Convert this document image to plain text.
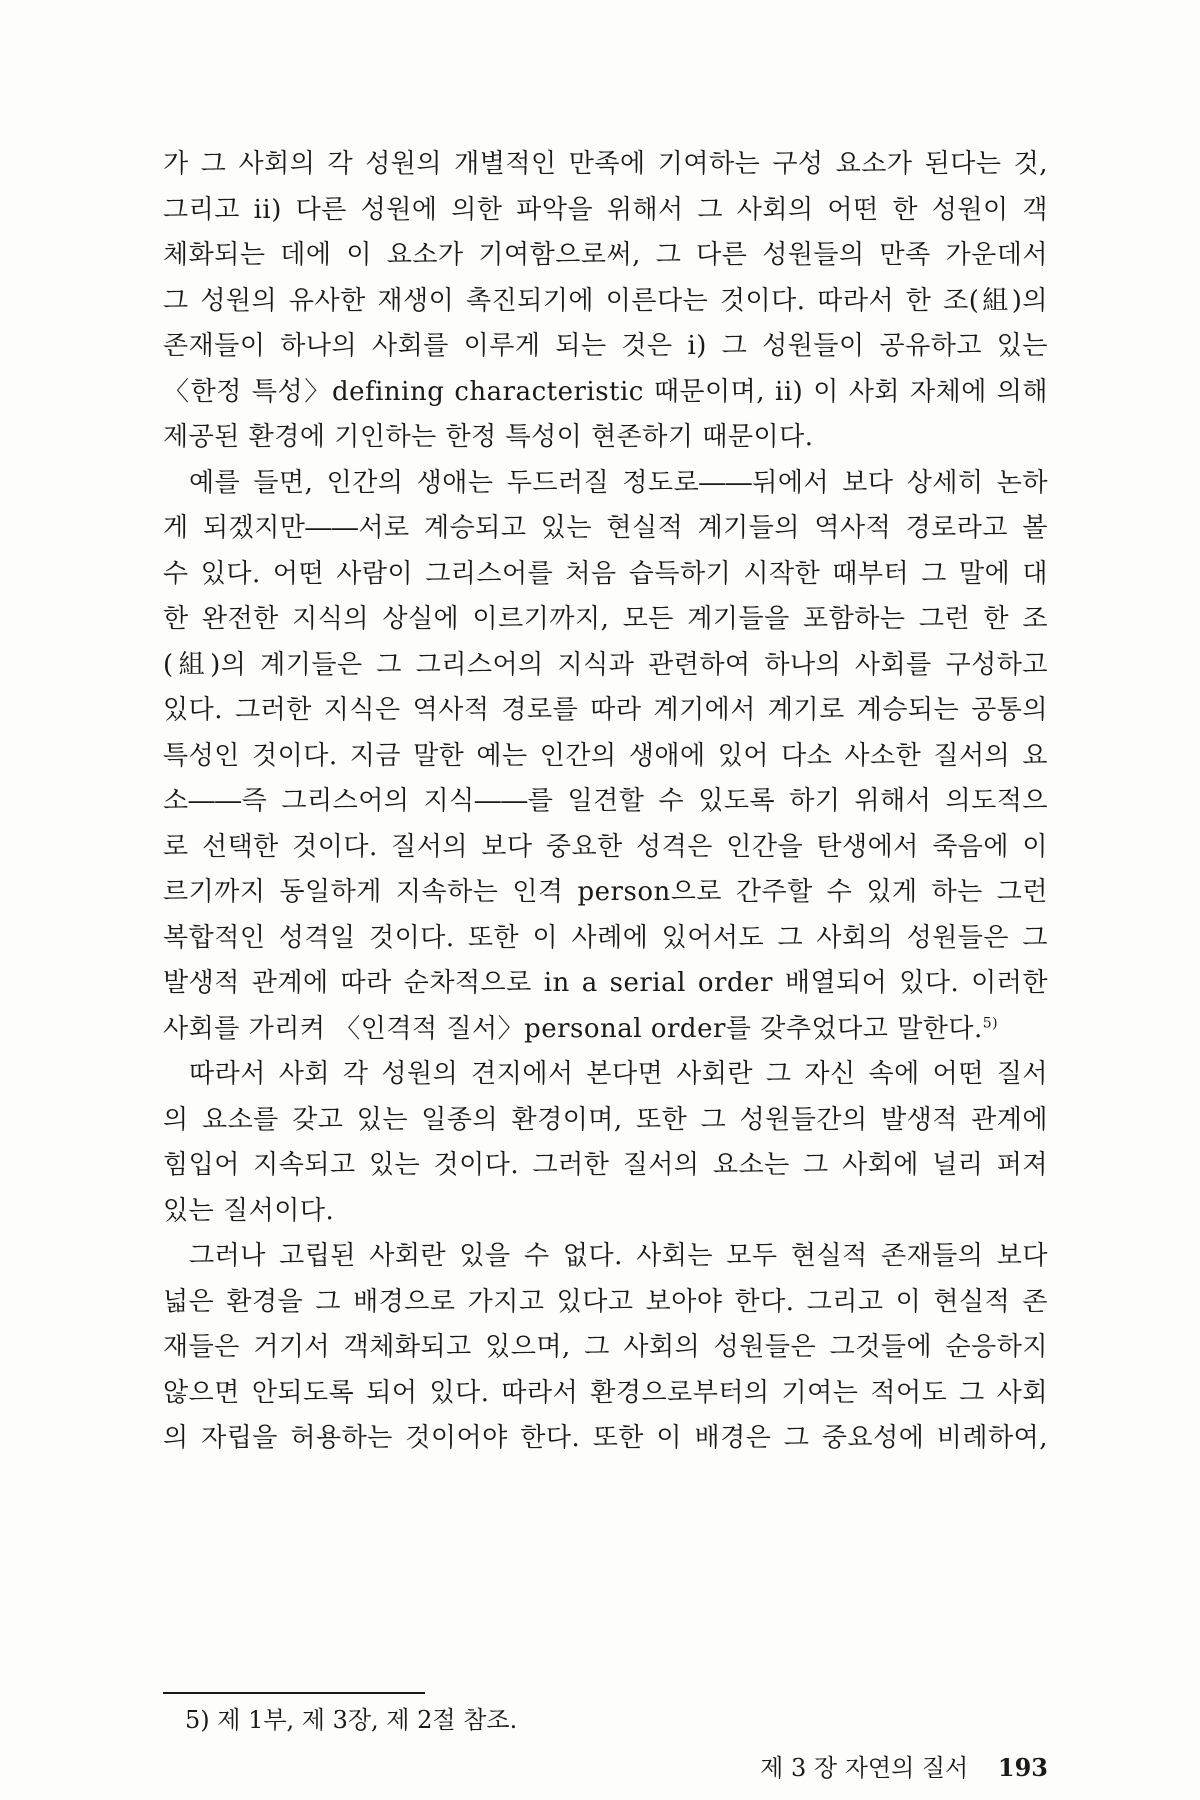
가 그 사회의 각 성원의 개별적인 만족에 기여하는 구성 요소가 된다는 것,
그리고 ii) 다른 성원에 의한 파악을 위해서 그 사회의 어떤 한 성원이 객
체화되는 데에 이 요소가 기여함으로써, 그 다른 성원들의 만족 가운데서
그 성원의 유사한 재생이 촉진되기에 이른다는 것이다. 따라서 한 조(組)의
존재들이 하나의 사회를 이루게 되는 것은 i) 그 성원들이 공유하고 있는
〈한정 특성〉defining characteristic 때문이며, ii) 이 사회 자체에 의해
제공된 환경에 기인하는 한정 특성이 현존하기 때문이다.
예를 들면, 인간의 생애는 두드러질 정도로――뒤에서 보다 상세히 논하
게 되겠지만――서로 계승되고 있는 현실적 계기들의 역사적 경로라고 볼
수 있다. 어떤 사람이 그리스어를 처음 습득하기 시작한 때부터 그 말에 대
한 완전한 지식의 상실에 이르기까지, 모든 계기들을 포함하는 그런 한 조
(組)의 계기들은 그 그리스어의 지식과 관련하여 하나의 사회를 구성하고
있다. 그러한 지식은 역사적 경로를 따라 계기에서 계기로 계승되는 공통의
특성인 것이다. 지금 말한 예는 인간의 생애에 있어 다소 사소한 질서의 요
소――즉 그리스어의 지식――를 일견할 수 있도록 하기 위해서 의도적으
로 선택한 것이다. 질서의 보다 중요한 성격은 인간을 탄생에서 죽음에 이
르기까지 동일하게 지속하는 인격 person으로 간주할 수 있게 하는 그런
복합적인 성격일 것이다. 또한 이 사례에 있어서도 그 사회의 성원들은 그
발생적 관계에 따라 순차적으로 in a serial order 배열되어 있다. 이러한
사회를 가리켜 〈인격적 질서〉personal order를 갖추었다고 말한다.$^{5)}$
따라서 사회 각 성원의 견지에서 본다면 사회란 그 자신 속에 어떤 질서
의 요소를 갖고 있는 일종의 환경이며, 또한 그 성원들간의 발생적 관계에
힘입어 지속되고 있는 것이다. 그러한 질서의 요소는 그 사회에 널리 퍼져
있는 질서이다.
그러나 고립된 사회란 있을 수 없다. 사회는 모두 현실적 존재들의 보다
넓은 환경을 그 배경으로 가지고 있다고 보아야 한다. 그리고 이 현실적 존
재들은 거기서 객체화되고 있으며, 그 사회의 성원들은 그것들에 순응하지
않으면 안되도록 되어 있다. 따라서 환경으로부터의 기여는 적어도 그 사회
의 자립을 허용하는 것이어야 한다. 또한 이 배경은 그 중요성에 비례하여,
5) 제 1부, 제 3장, 제 2절 참조.
제 3 장 자연의 질서 193
